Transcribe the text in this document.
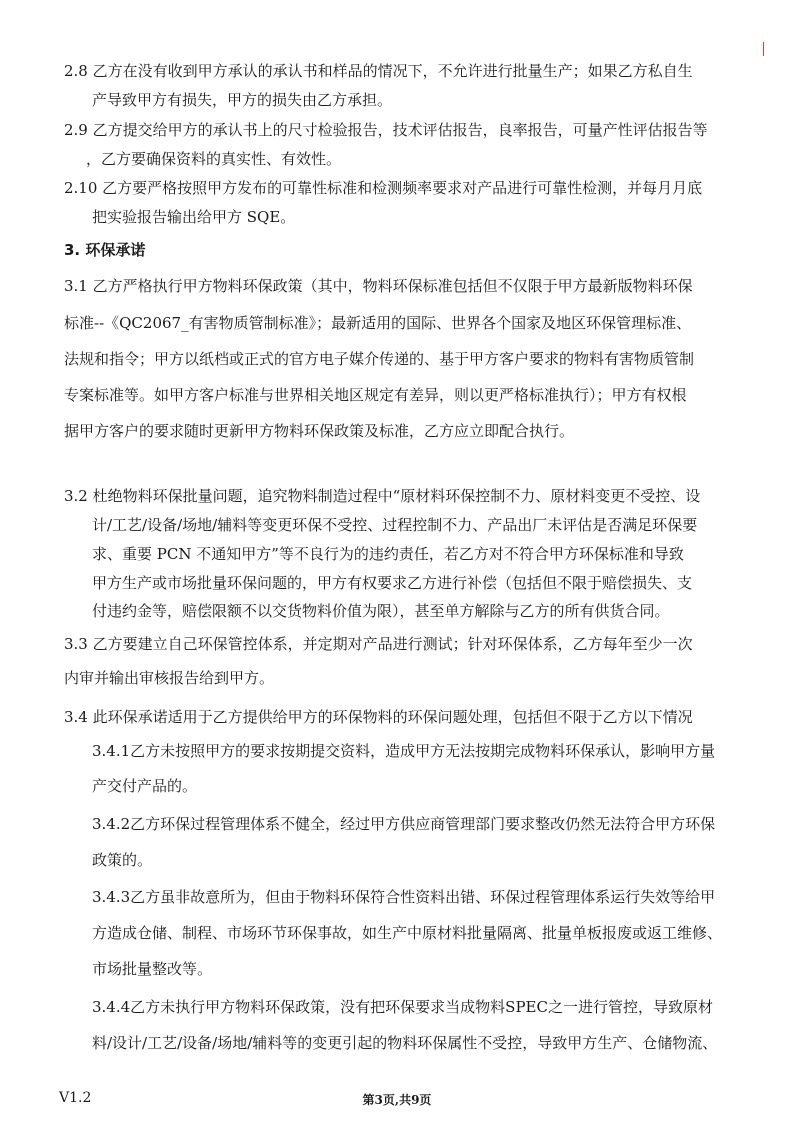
2.8 乙方在没有收到甲方承认的承认书和样品的情况下，不允许进行批量生产；如果乙方私自生
产导致甲方有损失，甲方的损失由乙方承担。
2.9 乙方提交给甲方的承认书上的尺寸检验报告，技术评估报告，良率报告，可量产性评估报告等
，乙方要确保资料的真实性、有效性。
2.10 乙方要严格按照甲方发布的可靠性标准和检测频率要求对产品进行可靠性检测，并每月月底
把实验报告输出给甲方 SQE。
3. 环保承诺
3.1 乙方严格执行甲方物料环保政策（其中，物料环保标准包括但不仅限于甲方最新版物料环保
标准--《QC2067_有害物质管制标准》；最新适用的国际、世界各个国家及地区环保管理标准、
法规和指令；甲方以纸档或正式的官方电子媒介传递的、基于甲方客户要求的物料有害物质管制
专案标准等。如甲方客户标准与世界相关地区规定有差异，则以更严格标准执行）；甲方有权根
据甲方客户的要求随时更新甲方物料环保政策及标准，乙方应立即配合执行。
3.2 杜绝物料环保批量问题，追究物料制造过程中“原材料环保控制不力、原材料变更不受控、设
计/工艺/设备/场地/辅料等变更环保不受控、过程控制不力、产品出厂未评估是否满足环保要
求、重要 PCN 不通知甲方”等不良行为的违约责任，若乙方对不符合甲方环保标准和导致
甲方生产或市场批量环保问题的，甲方有权要求乙方进行补偿（包括但不限于赔偿损失、支
付违约金等，赔偿限额不以交货物料价值为限），甚至单方解除与乙方的所有供货合同。
3.3 乙方要建立自己环保管控体系，并定期对产品进行测试；针对环保体系，乙方每年至少一次
内审并输出审核报告给到甲方。
3.4 此环保承诺适用于乙方提供给甲方的环保物料的环保问题处理，包括但不限于乙方以下情况
3.4.1乙方未按照甲方的要求按期提交资料，造成甲方无法按期完成物料环保承认，影响甲方量
产交付产品的。
3.4.2乙方环保过程管理体系不健全，经过甲方供应商管理部门要求整改仍然无法符合甲方环保
政策的。
3.4.3乙方虽非故意所为，但由于物料环保符合性资料出错、环保过程管理体系运行失效等给甲
方造成仓储、制程、市场环节环保事故，如生产中原材料批量隔离、批量单板报废或返工维修、
市场批量整改等。
3.4.4乙方未执行甲方物料环保政策，没有把环保要求当成物料SPEC之一进行管控，导致原材
料/设计/工艺/设备/场地/辅料等的变更引起的物料环保属性不受控，导致甲方生产、仓储物流、
V1.2	第3页,共9页
